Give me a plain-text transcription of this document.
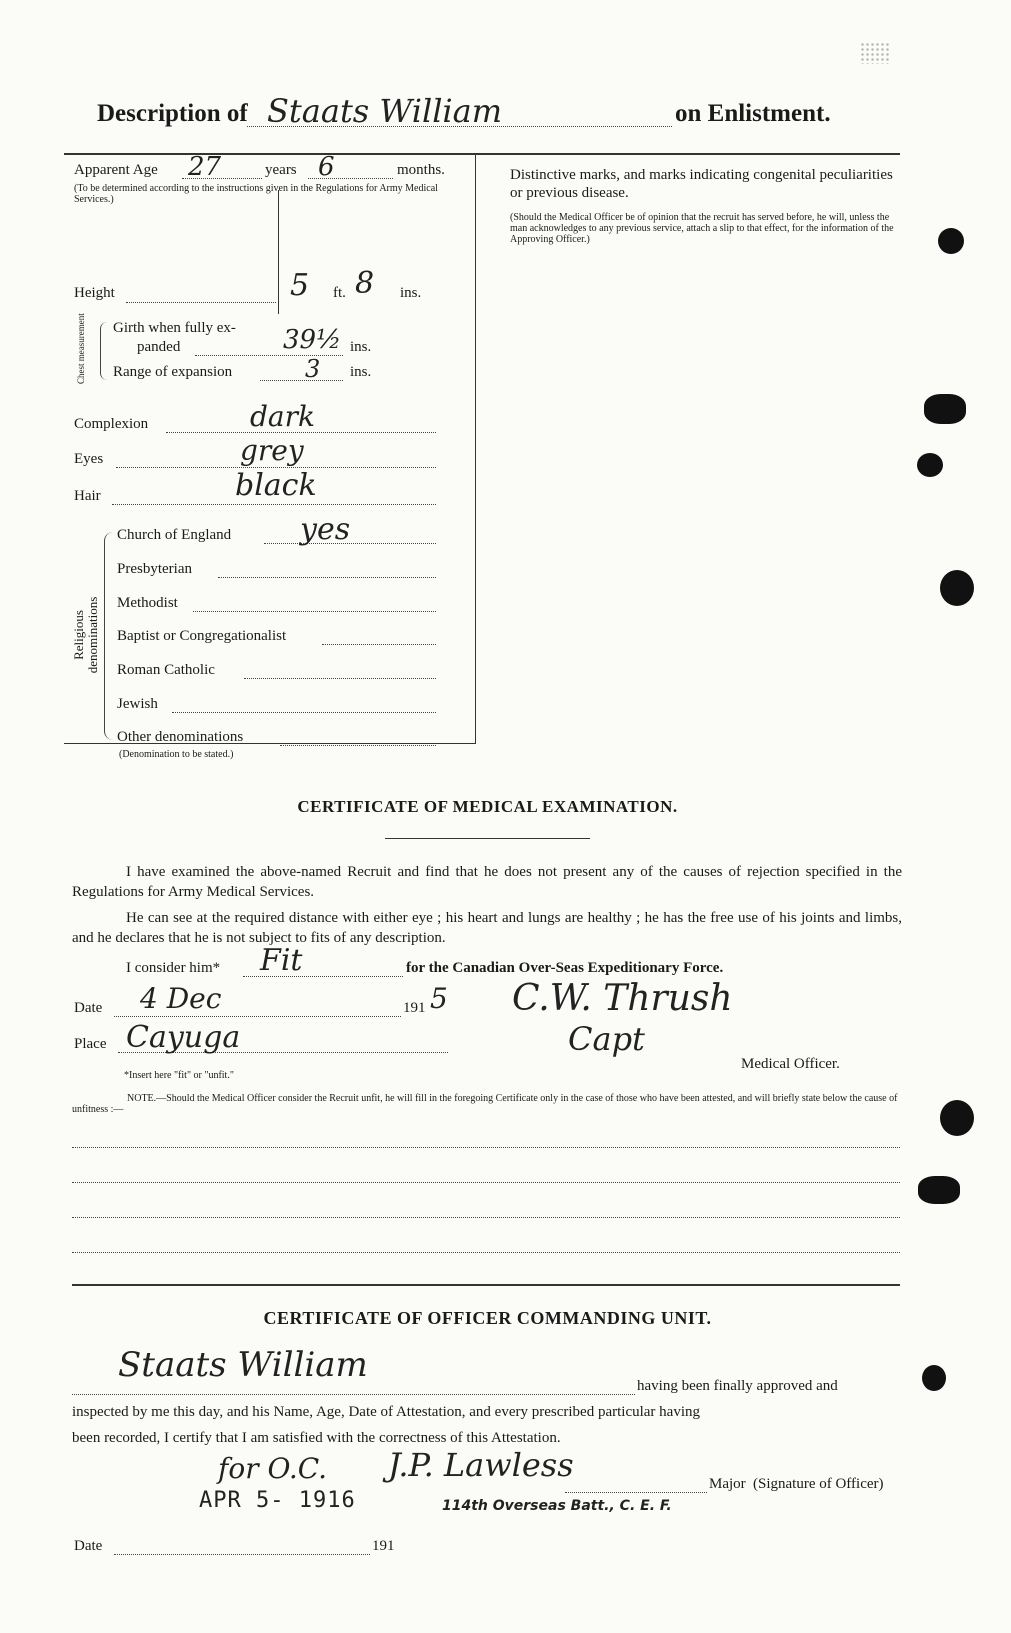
Description of Staats William	on Enlistment.
Apparent Age 27	years 6	months.
(To be determined according to the instructions given in the Regulations for Army Medical Services.)
Height	5 ft. 8 ins.
Chest measurement Girth when fully ex-
panded	39½ ins.
Range of expansion	3 ins.
Complexion	dark
Eyes	grey
Hair	black
Religious denominations
Church of England yes
Presbyterian
Methodist
Baptist or Congregationalist
Roman Catholic
Jewish
Other denominations
(Denomination to be stated.)
Distinctive marks, and marks indicating congenital peculiarities or previous disease.
(Should the Medical Officer be of opinion that the recruit has served before, he will, unless the man acknowledges to any previous service, attach a slip to that effect, for the information of the Approving Officer.)
CERTIFICATE OF MEDICAL EXAMINATION.
I have examined the above-named Recruit and find that he does not present any of the causes of rejection specified in the Regulations for Army Medical Services.
He can see at the required distance with either eye ; his heart and lungs are healthy ; he has the free use of his joints and limbs, and he declares that he is not subject to fits of any description.
I consider him* Fit	for the Canadian Over-Seas Expeditionary Force.
Date 4 Dec	191 5 C.W. Thrush
Place Cayuga	Capt
Medical Officer.
*Insert here "fit" or "unfit."
NOTE.—Should the Medical Officer consider the Recruit unfit, he will fill in the foregoing Certificate only in the case of those who have been attested, and will briefly state below the cause of unfitness :—
CERTIFICATE OF OFFICER COMMANDING UNIT.
Staats William
having been finally approved and
inspected by me this day, and his Name, Age, Date of Attestation, and every prescribed particular having
been recorded, I certify that I am satisfied with the correctness of this Attestation.
for O.C. J.P. Lawless	Major (Signature of Officer)
APR 5- 1916	114th Overseas Batt., C. E. F.
Date	191
